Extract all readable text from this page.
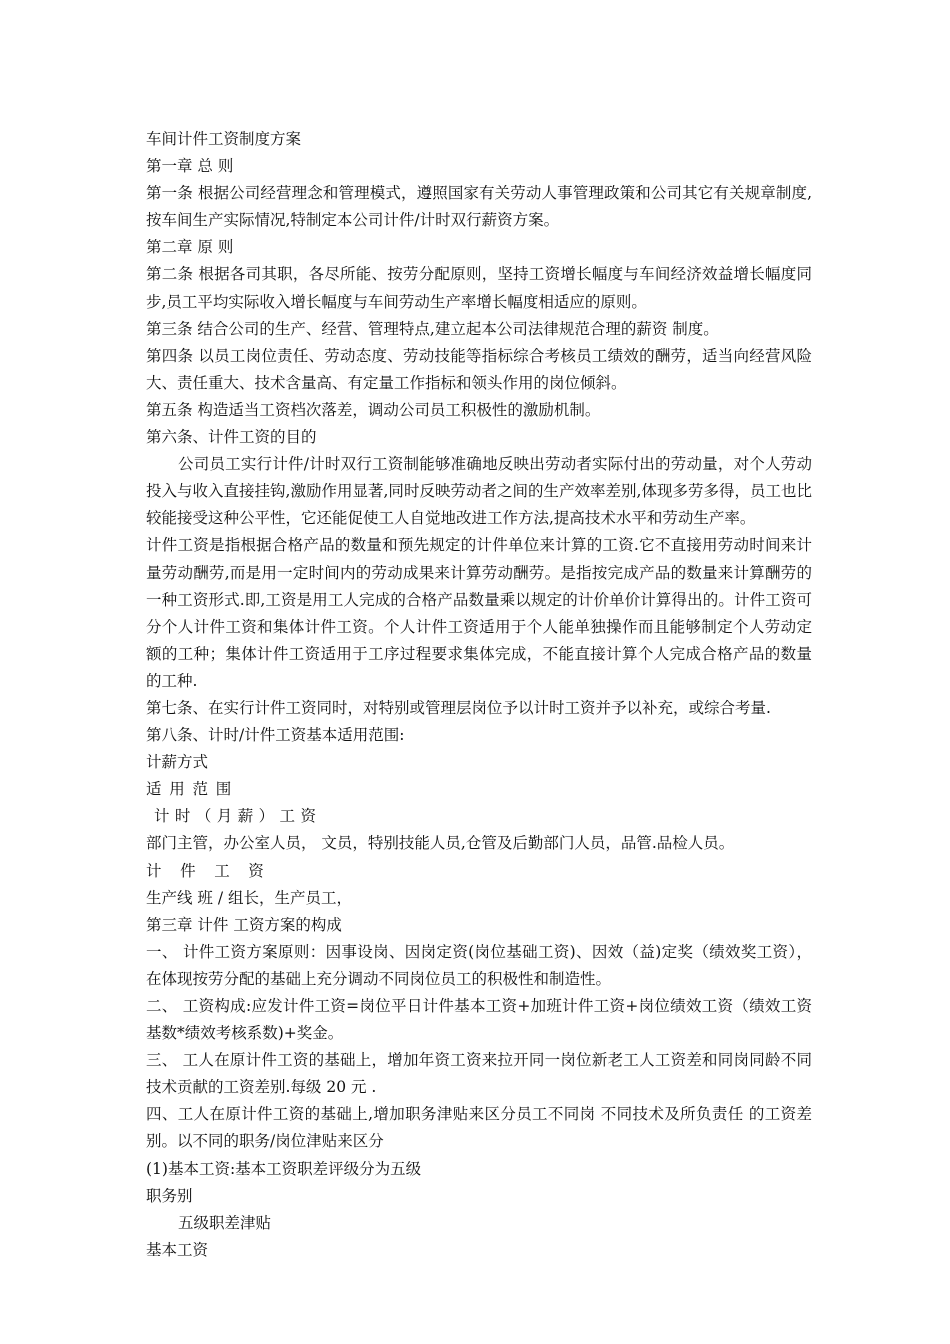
车间计件工资制度方案

第一章 总 则

第一条 根据公司经营理念和管理模式，遵照国家有关劳动人事管理政策和公司其它有关规章制度,按车间生产实际情况,特制定本公司计件/计时双行薪资方案。

第二章 原 则

第二条 根据各司其职，各尽所能、按劳分配原则，坚持工资增长幅度与车间经济效益增长幅度同步,员工平均实际收入增长幅度与车间劳动生产率增长幅度相适应的原则。

第三条 结合公司的生产、经营、管理特点,建立起本公司法律规范合理的薪资 制度。

第四条 以员工岗位责任、劳动态度、劳动技能等指标综合考核员工绩效的酬劳，适当向经营风险大、责任重大、技术含量高、有定量工作指标和领头作用的岗位倾斜。

第五条 构造适当工资档次落差，调动公司员工积极性的激励机制。

第六条、计件工资的目的

公司员工实行计件/计时双行工资制能够准确地反映出劳动者实际付出的劳动量，对个人劳动投入与收入直接挂钩,激励作用显著,同时反映劳动者之间的生产效率差别,体现多劳多得，员工也比较能接受这种公平性，它还能促使工人自觉地改进工作方法,提高技术水平和劳动生产率。

计件工资是指根据合格产品的数量和预先规定的计件单位来计算的工资.它不直接用劳动时间来计量劳动酬劳,而是用一定时间内的劳动成果来计算劳动酬劳。是指按完成产品的数量来计算酬劳的一种工资形式.即,工资是用工人完成的合格产品数量乘以规定的计价单价计算得出的。计件工资可分个人计件工资和集体计件工资。个人计件工资适用于个人能单独操作而且能够制定个人劳动定额的工种；集体计件工资适用于工序过程要求集体完成，不能直接计算个人完成合格产品的数量的工种.

第七条、在实行计件工资同时，对特别或管理层岗位予以计时工资并予以补充，或综合考量.

第八条、计时/计件工资基本适用范围:

计薪方式

适用范围

计时（月薪）工资

部门主管，办公室人员， 文员，特别技能人员,仓管及后勤部门人员，品管.品检人员。

计件工资

生产线 班 / 组长，生产员工，

第三章 计件 工资方案的构成

一、 计件工资方案原则：因事设岗、因岗定资(岗位基础工资)、因效（益)定奖（绩效奖工资），在体现按劳分配的基础上充分调动不同岗位员工的积极性和制造性。

二、 工资构成:应发计件工资=岗位平日计件基本工资+加班计件工资+岗位绩效工资（绩效工资基数*绩效考核系数)+奖金。

三、 工人在原计件工资的基础上，增加年资工资来拉开同一岗位新老工人工资差和同岗同龄不同技术贡献的工资差别.每级 20 元 .

四、工人在原计件工资的基础上,增加职务津贴来区分员工不同岗 不同技术及所负责任 的工资差别。以不同的职务/岗位津贴来区分

(1)基本工资:基本工资职差评级分为五级

职务别

五级职差津贴

基本工资
